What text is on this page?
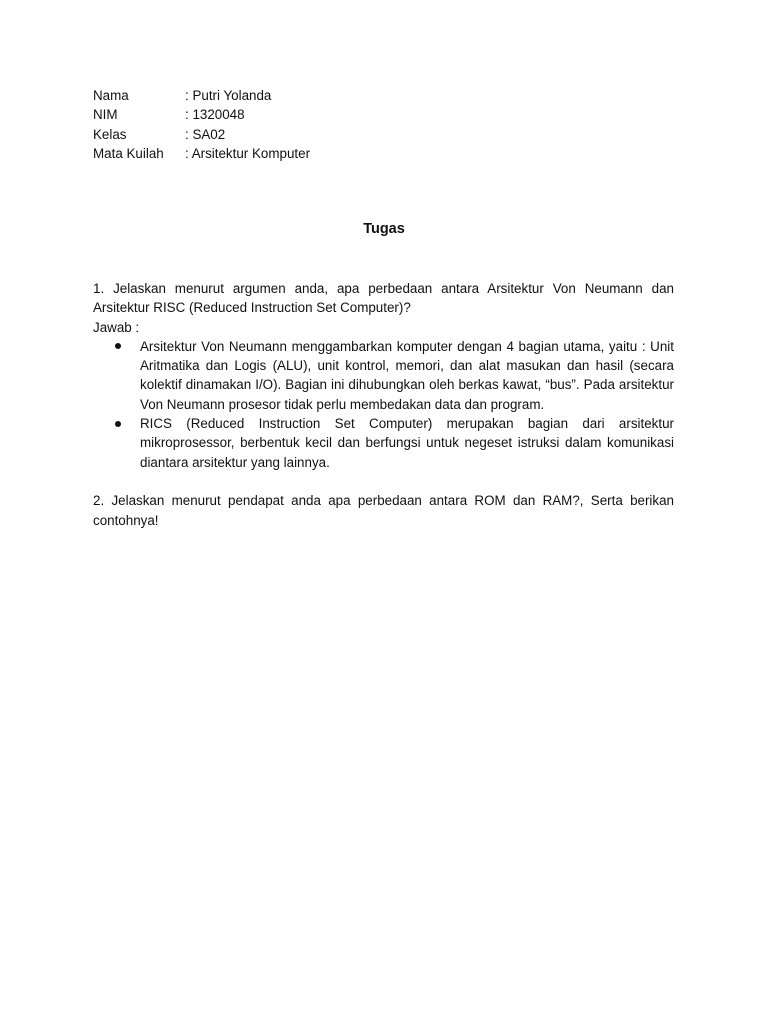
Nama	: Putri Yolanda
NIM	: 1320048
Kelas	: SA02
Mata Kuilah	: Arsitektur Komputer
Tugas

1. Jelaskan menurut argumen anda, apa perbedaan antara Arsitektur Von Neumann dan Arsitektur RISC (Reduced Instruction Set Computer)?

Jawab :
Arsitektur Von Neumann menggambarkan komputer dengan 4 bagian utama, yaitu : Unit Aritmatika dan Logis (ALU), unit kontrol, memori, dan alat masukan dan hasil (secara kolektif dinamakan I/O). Bagian ini dihubungkan oleh berkas kawat, “bus”. Pada arsitektur Von Neumann prosesor tidak perlu membedakan data dan program.
RICS (Reduced Instruction Set Computer) merupakan bagian dari arsitektur mikroprosessor, berbentuk kecil dan berfungsi untuk negeset istruksi dalam komunikasi diantara arsitektur yang lainnya.

2. Jelaskan menurut pendapat anda apa perbedaan antara ROM dan RAM?, Serta berikan contohnya!
